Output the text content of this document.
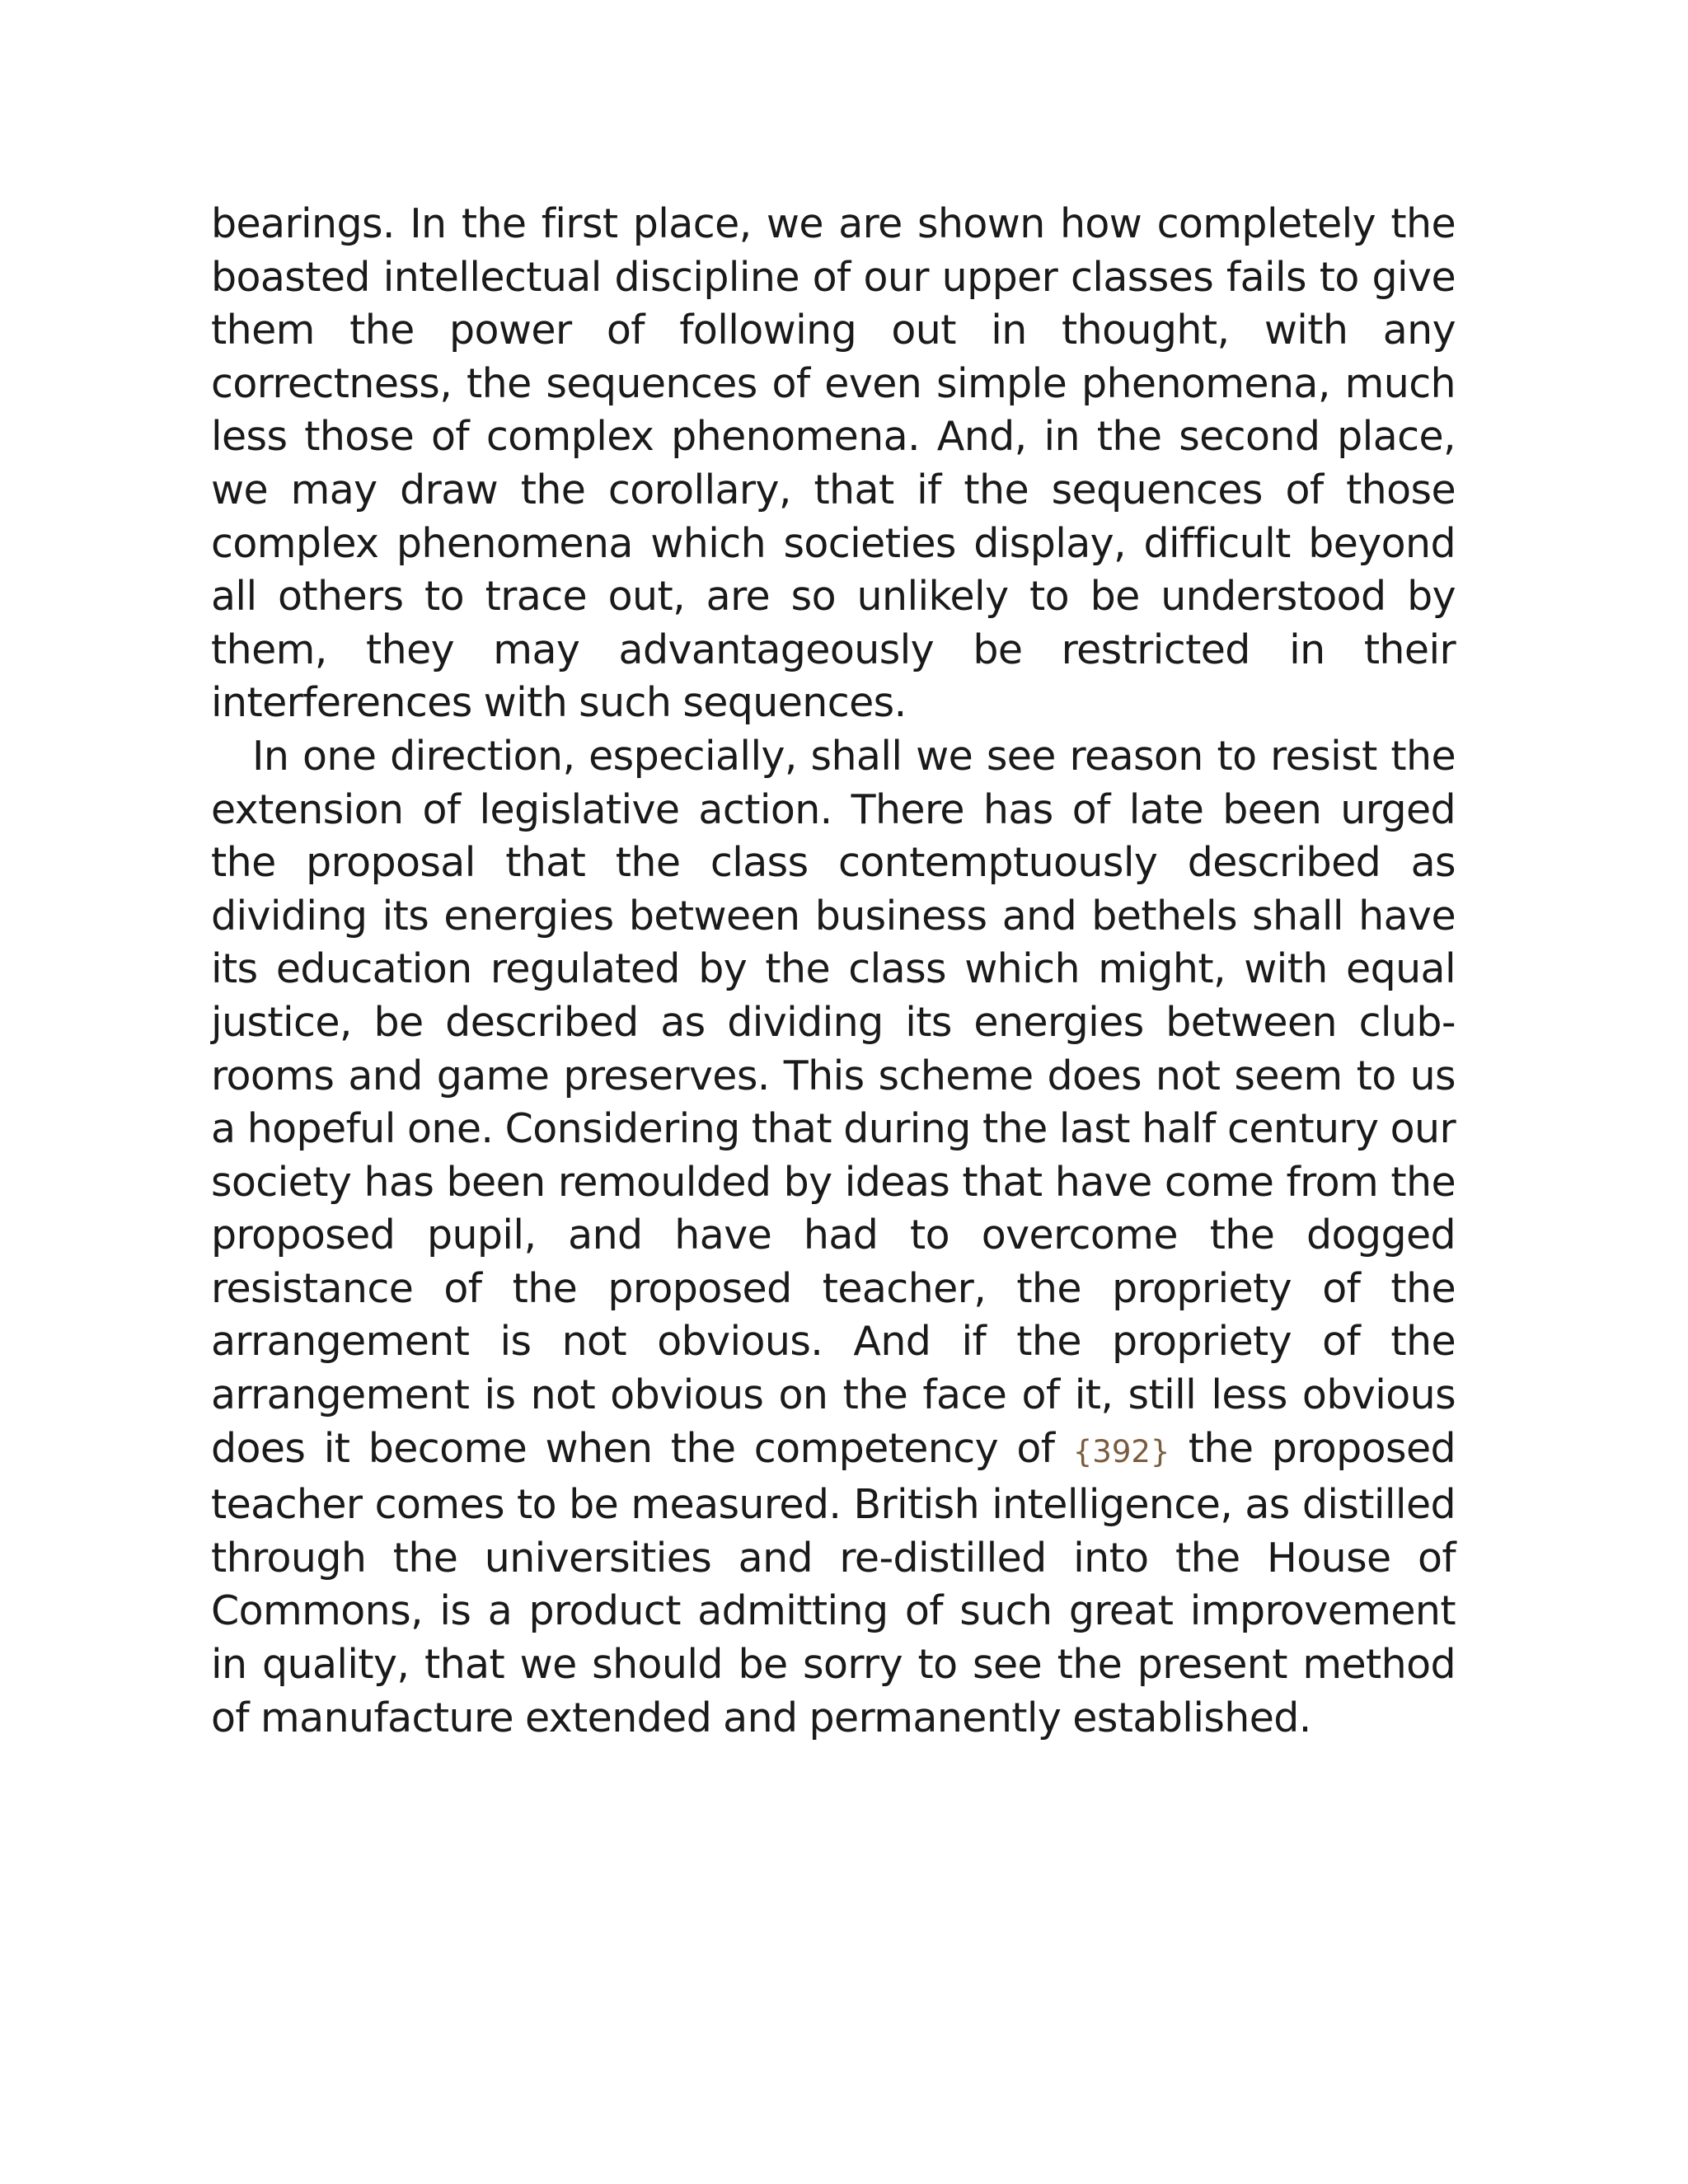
bearings. In the first place, we are shown how completely the boasted intellectual discipline of our upper classes fails to give them the power of following out in thought, with any correctness, the sequences of even simple phenomena, much less those of complex phenomena. And, in the second place, we may draw the corollary, that if the sequences of those complex phenomena which societies display, difficult beyond all others to trace out, are so unlikely to be understood by them, they may advantageously be restricted in their interferences with such sequences.

In one direction, especially, shall we see reason to resist the extension of legislative action. There has of late been urged the proposal that the class contemptuously described as dividing its energies between business and bethels shall have its education regulated by the class which might, with equal justice, be described as dividing its energies between club-rooms and game preserves. This scheme does not seem to us a hopeful one. Considering that during the last half century our society has been remoulded by ideas that have come from the proposed pupil, and have had to overcome the dogged resistance of the proposed teacher, the propriety of the arrangement is not obvious. And if the propriety of the arrangement is not obvious on the face of it, still less obvious does it become when the competency of {392} the proposed teacher comes to be measured. British intelligence, as distilled through the universities and re-distilled into the House of Commons, is a product admitting of such great improvement in quality, that we should be sorry to see the present method of manufacture extended and permanently established.
